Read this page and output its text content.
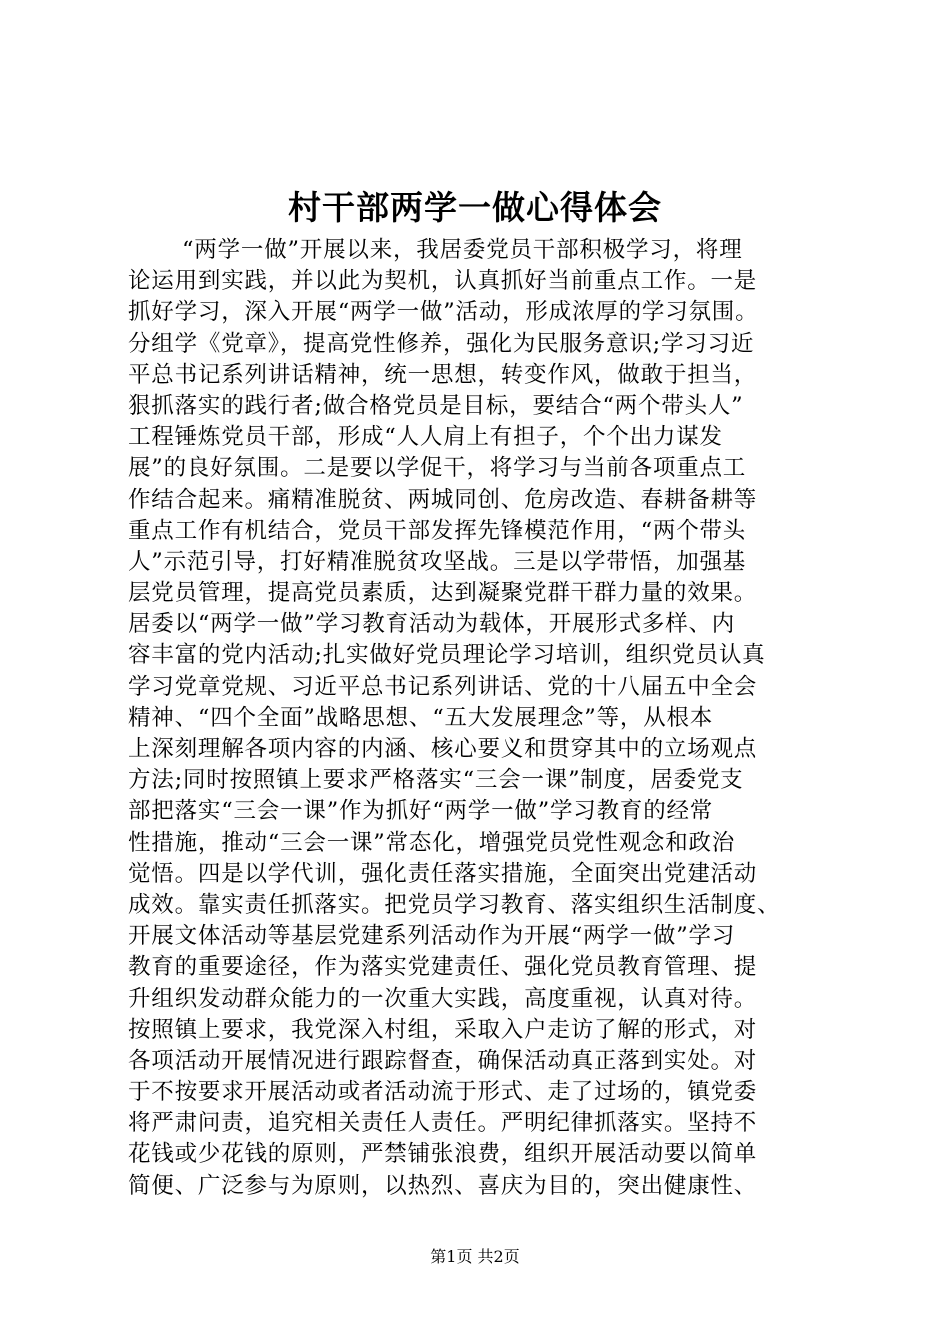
村干部两学一做心得体会
“两学一做”开展以来，我居委党员干部积极学习，将理
论运用到实践，并以此为契机，认真抓好当前重点工作。一是
抓好学习，深入开展“两学一做”活动，形成浓厚的学习氛围。
分组学《党章》，提高党性修养，强化为民服务意识;学习习近
平总书记系列讲话精神，统一思想，转变作风，做敢于担当，
狠抓落实的践行者;做合格党员是目标，要结合“两个带头人”
工程锤炼党员干部，形成“人人肩上有担子，个个出力谋发
展”的良好氛围。二是要以学促干，将学习与当前各项重点工
作结合起来。痛精准脱贫、两城同创、危房改造、春耕备耕等
重点工作有机结合，党员干部发挥先锋模范作用，“两个带头
人”示范引导，打好精准脱贫攻坚战。三是以学带悟，加强基
层党员管理，提高党员素质，达到凝聚党群干群力量的效果。
居委以“两学一做”学习教育活动为载体，开展形式多样、内
容丰富的党内活动;扎实做好党员理论学习培训，组织党员认真
学习党章党规、习近平总书记系列讲话、党的十八届五中全会
精神、“四个全面”战略思想、“五大发展理念”等，从根本
上深刻理解各项内容的内涵、核心要义和贯穿其中的立场观点
方法;同时按照镇上要求严格落实“三会一课”制度，居委党支
部把落实“三会一课”作为抓好“两学一做”学习教育的经常
性措施，推动“三会一课”常态化，增强党员党性观念和政治
觉悟。四是以学代训，强化责任落实措施，全面突出党建活动
成效。靠实责任抓落实。把党员学习教育、落实组织生活制度、
开展文体活动等基层党建系列活动作为开展“两学一做”学习
教育的重要途径，作为落实党建责任、强化党员教育管理、提
升组织发动群众能力的一次重大实践，高度重视，认真对待。
按照镇上要求，我党深入村组，采取入户走访了解的形式，对
各项活动开展情况进行跟踪督查，确保活动真正落到实处。对
于不按要求开展活动或者活动流于形式、走了过场的，镇党委
将严肃问责，追究相关责任人责任。严明纪律抓落实。坚持不
花钱或少花钱的原则，严禁铺张浪费，组织开展活动要以简单
简便、广泛参与为原则，以热烈、喜庆为目的，突出健康性、
第1页 共2页
